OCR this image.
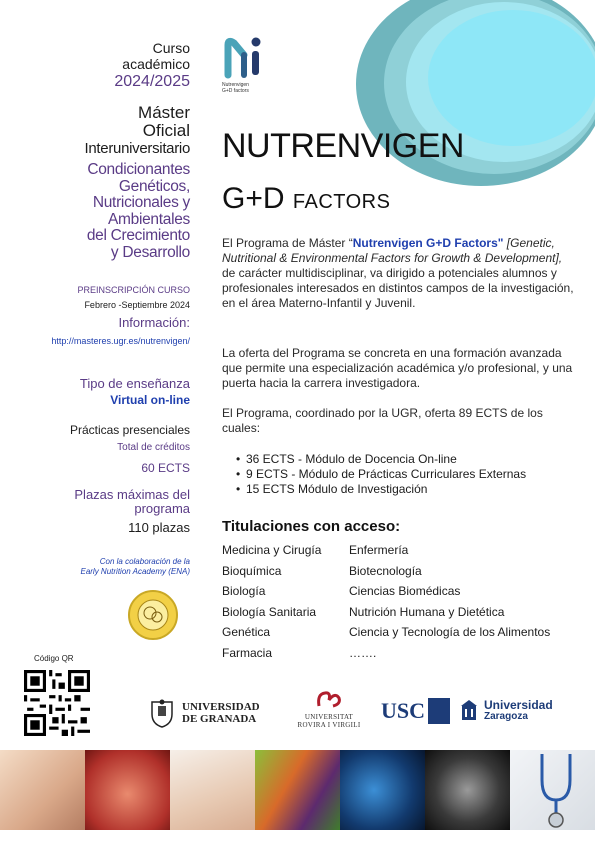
Nutrenvigen
G+D factors
Curso
académico
2024/2025
Máster
Oficial
Interuniversitario
Condicionantes
Genéticos,
Nutricionales y
Ambientales
del Crecimiento
y Desarrollo
PREINSCRIPCIÓN CURSO
Febrero -Septiembre 2024
Información:
http://masteres.ugr.es/nutrenvigen/
Tipo de enseñanza
Virtual on-line
Prácticas presenciales
Total de créditos
60 ECTS
Plazas máximas del
programa
110 plazas
Con la colaboración de la
Early Nutrition Academy (ENA)
Código QR
NUTRENVIGEN
G+D FACTORS
El Programa de Máster “Nutrenvigen G+D Factors" [Genetic, Nutritional & Environmental Factors for Growth & Development], de carácter multidisciplinar, va dirigido a potenciales alumnos y profesionales interesados en distintos campos de la investigación, en el área Materno-Infantil y Juvenil.
La oferta del Programa se concreta en una formación avanzada que permite una especialización académica y/o profesional, y una puerta hacia la carrera investigadora.
El Programa, coordinado por la UGR, oferta 89 ECTS de los cuales:
• 36 ECTS - Módulo de Docencia On-line
• 9 ECTS - Módulo de Prácticas Curriculares Externas
• 15 ECTS Módulo de Investigación
Titulaciones con acceso:
Medicina y Cirugía	Enfermería
Bioquímica	Biotecnología
Biología	Ciencias Biomédicas
Biología Sanitaria	Nutrición Humana y Dietética
Genética	Ciencia y Tecnología de los Alimentos
Farmacia	…….
UNIVERSIDAD
DE GRANADA	UNIVERSITAT
ROVIRA I VIRGILI
USC	Universidad
Zaragoza
